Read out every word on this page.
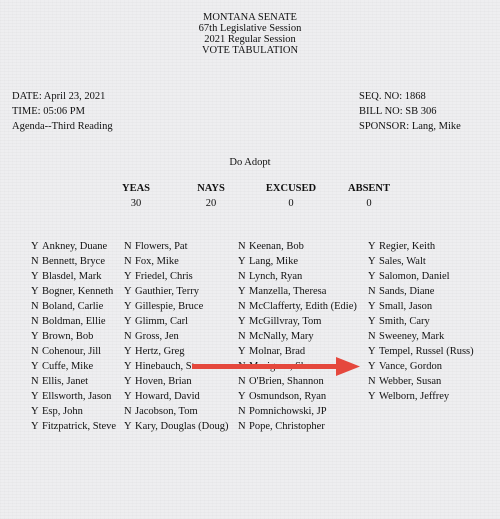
MONTANA SENATE
67th Legislative Session
2021 Regular Session
VOTE TABULATION
DATE: April 23, 2021
TIME: 05:06 PM
Agenda--Third Reading
SEQ. NO: 1868
BILL NO: SB 306
SPONSOR: Lang, Mike
Do Adopt
YEAS
30
NAYS
20
EXCUSED
0
ABSENT
0
Y Ankney, Duane
N Bennett, Bryce
Y Blasdel, Mark
Y Bogner, Kenneth
N Boland, Carlie
N Boldman, Ellie
Y Brown, Bob
N Cohenour, Jill
Y Cuffe, Mike
N Ellis, Janet
Y Ellsworth, Jason
Y Esp, John
Y Fitzpatrick, Steve
N Flowers, Pat
N Fox, Mike
Y Friedel, Chris
Y Gauthier, Terry
Y Gillespie, Bruce
Y Glimm, Carl
N Gross, Jen
Y Hertz, Greg
Y Hinebauch, Steve
Y Hoven, Brian
Y Howard, David
N Jacobson, Tom
Y Kary, Douglas (Doug)
N Keenan, Bob
Y Lang, Mike
N Lynch, Ryan
Y Manzella, Theresa
N McClafferty, Edith (Edie)
Y McGillvray, Tom
N McNally, Mary
Y Molnar, Brad
N Morigeau, Shane
N O'Brien, Shannon
Y Osmundson, Ryan
N Pomnichowski, JP
N Pope, Christopher
Y Regier, Keith
Y Sales, Walt
Y Salomon, Daniel
N Sands, Diane
Y Small, Jason
Y Smith, Cary
N Sweeney, Mark
Y Tempel, Russel (Russ)
Y Vance, Gordon
N Webber, Susan
Y Welborn, Jeffrey
